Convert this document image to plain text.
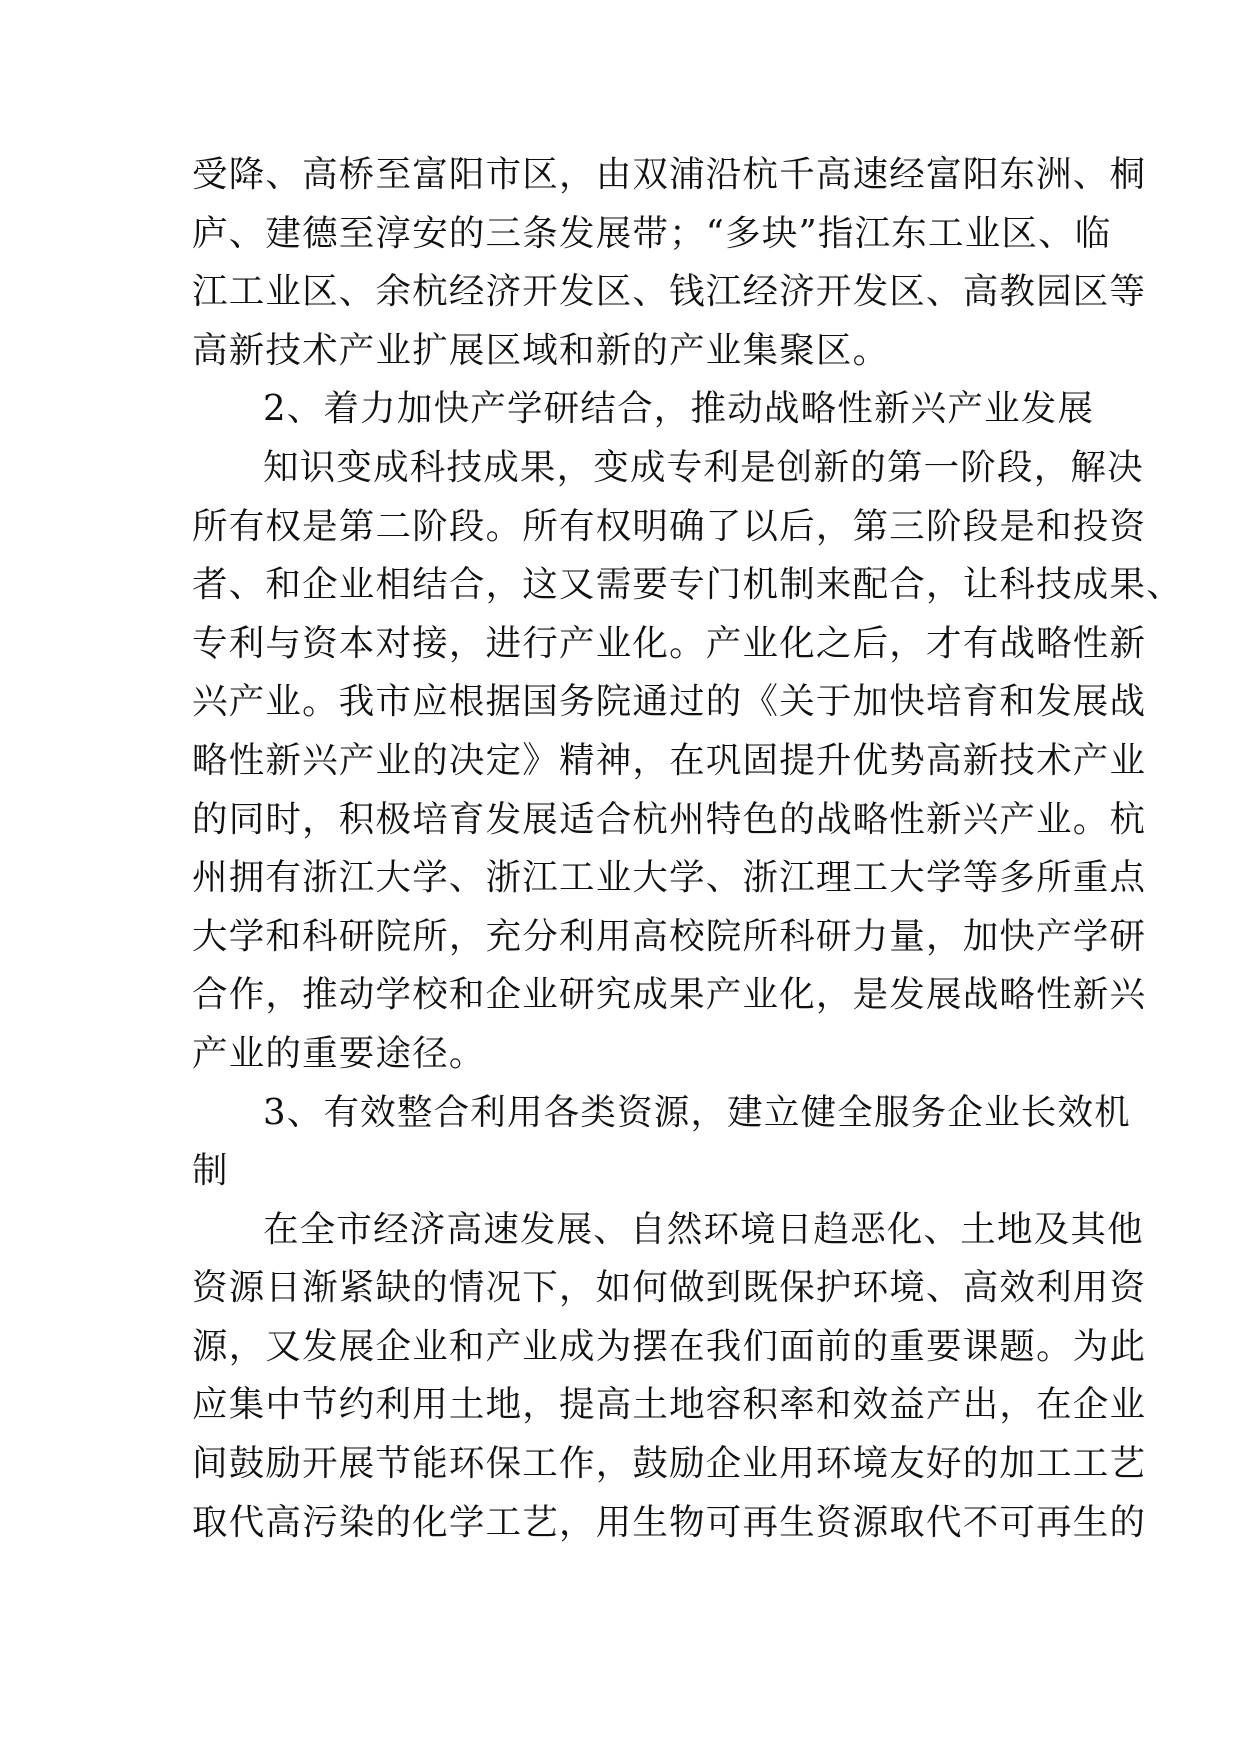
受降、高桥至富阳市区，由双浦沿杭千高速经富阳东洲、桐
庐、建德至淳安的三条发展带；“多块”指江东工业区、临
江工业区、余杭经济开发区、钱江经济开发区、高教园区等
高新技术产业扩展区域和新的产业集聚区。
2、着力加快产学研结合，推动战略性新兴产业发展
知识变成科技成果，变成专利是创新的第一阶段，解决
所有权是第二阶段。所有权明确了以后，第三阶段是和投资
者、和企业相结合，这又需要专门机制来配合，让科技成果、
专利与资本对接，进行产业化。产业化之后，才有战略性新
兴产业。我市应根据国务院通过的《关于加快培育和发展战
略性新兴产业的决定》精神，在巩固提升优势高新技术产业
的同时，积极培育发展适合杭州特色的战略性新兴产业。杭
州拥有浙江大学、浙江工业大学、浙江理工大学等多所重点
大学和科研院所，充分利用高校院所科研力量，加快产学研
合作，推动学校和企业研究成果产业化，是发展战略性新兴
产业的重要途径。
3、有效整合利用各类资源，建立健全服务企业长效机
制
在全市经济高速发展、自然环境日趋恶化、土地及其他
资源日渐紧缺的情况下，如何做到既保护环境、高效利用资
源，又发展企业和产业成为摆在我们面前的重要课题。为此
应集中节约利用土地，提高土地容积率和效益产出，在企业
间鼓励开展节能环保工作，鼓励企业用环境友好的加工工艺
取代高污染的化学工艺，用生物可再生资源取代不可再生的
